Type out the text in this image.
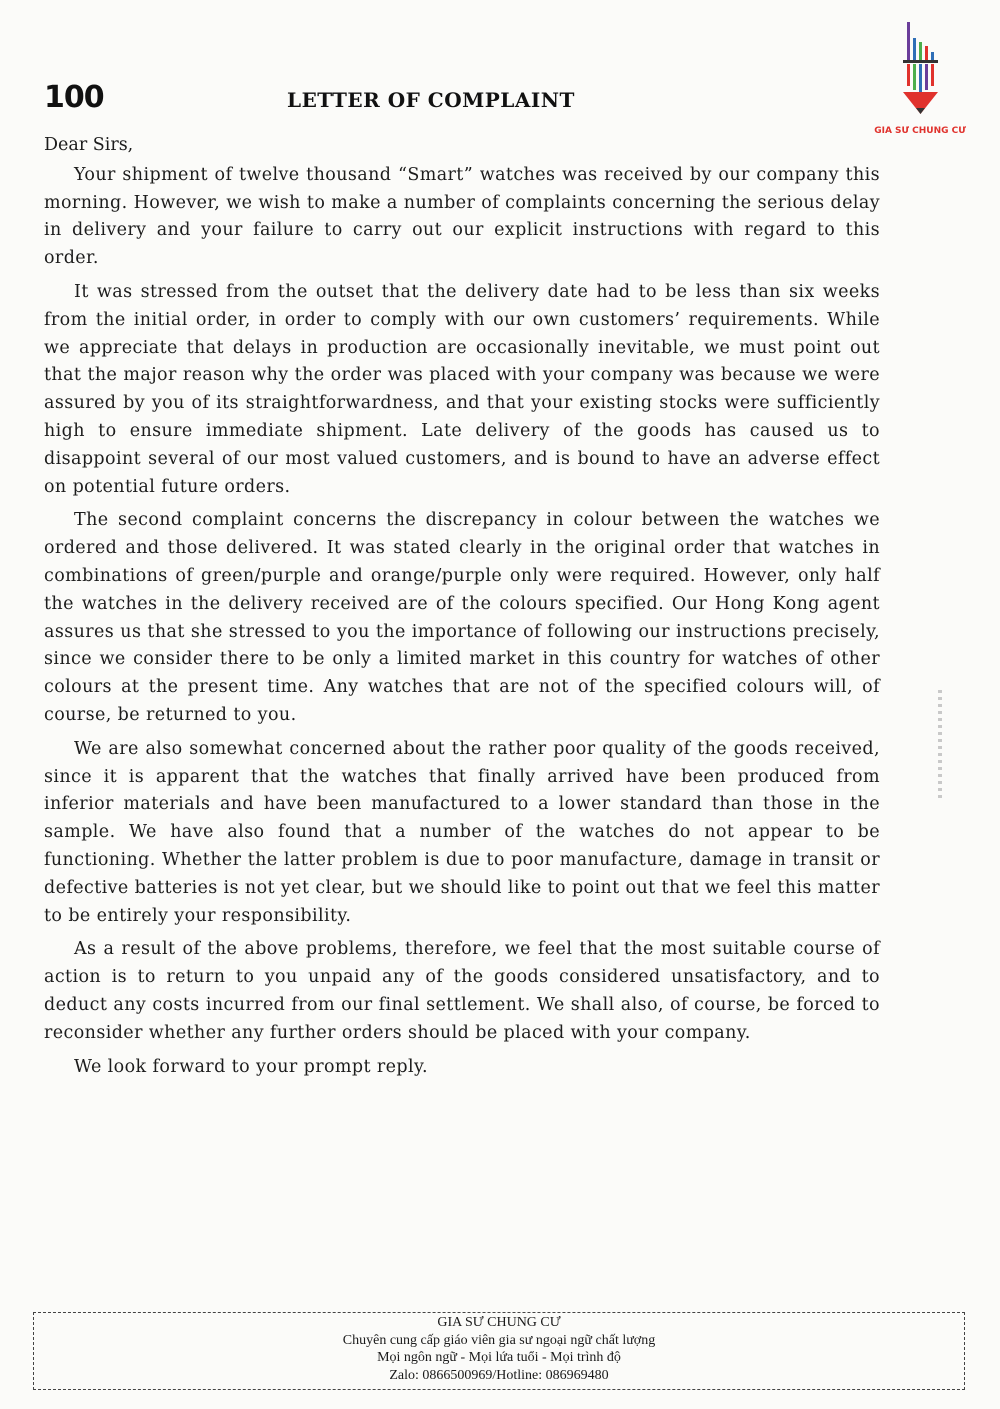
100	LETTER OF COMPLAINT
GIA SƯ CHUNG CƯ

Dear Sirs,

Your shipment of twelve thousand “Smart” watches was received by our company this morning. However, we wish to make a number of complaints concerning the serious delay in delivery and your failure to carry out our explicit instructions with regard to this order.

It was stressed from the outset that the delivery date had to be less than six weeks from the initial order, in order to comply with our own customers’ requirements. While we appreciate that delays in production are occasionally inevitable, we must point out that the major reason why the order was placed with your company was because we were assured by you of its straightforwardness, and that your existing stocks were sufficiently high to ensure immediate shipment. Late delivery of the goods has caused us to disappoint several of our most valued customers, and is bound to have an adverse effect on potential future orders.

The second complaint concerns the discrepancy in colour between the watches we ordered and those delivered. It was stated clearly in the original order that watches in combinations of green/purple and orange/purple only were required. However, only half the watches in the delivery received are of the colours specified. Our Hong Kong agent assures us that she stressed to you the importance of following our instructions precisely, since we consider there to be only a limited market in this country for watches of other colours at the present time. Any watches that are not of the specified colours will, of course, be returned to you.

We are also somewhat concerned about the rather poor quality of the goods received, since it is apparent that the watches that finally arrived have been produced from inferior materials and have been manufactured to a lower standard than those in the sample. We have also found that a number of the watches do not appear to be functioning. Whether the latter problem is due to poor manufacture, damage in transit or defective batteries is not yet clear, but we should like to point out that we feel this matter to be entirely your responsibility.

As a result of the above problems, therefore, we feel that the most suitable course of action is to return to you unpaid any of the goods considered unsatisfactory, and to deduct any costs incurred from our final settlement. We shall also, of course, be forced to reconsider whether any further orders should be placed with your company.

We look forward to your prompt reply.

GIA SƯ CHUNG CƯ
Chuyên cung cấp giáo viên gia sư ngoại ngữ chất lượng
Mọi ngôn ngữ - Mọi lứa tuổi - Mọi trình độ
Zalo: 0866500969/Hotline: 086969480
